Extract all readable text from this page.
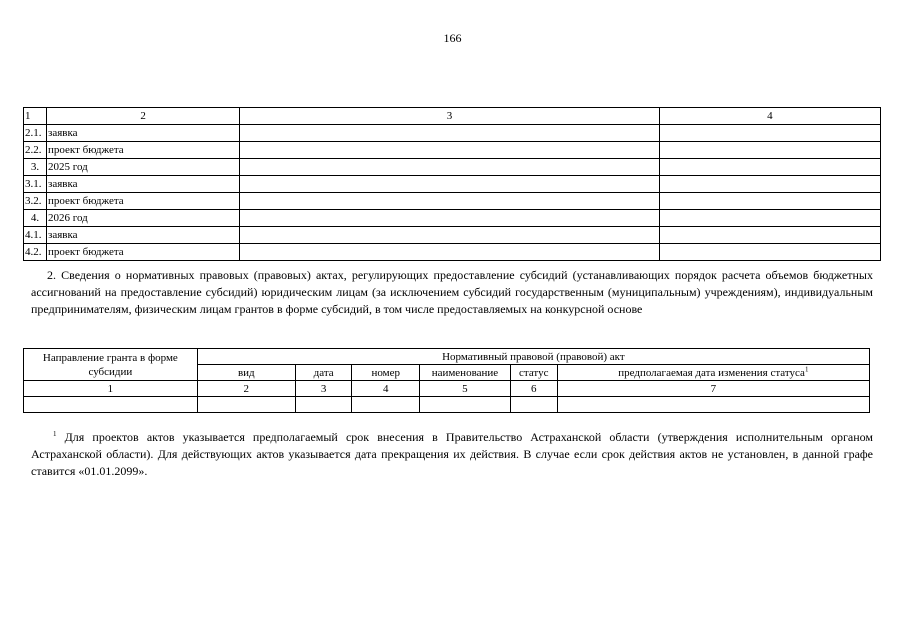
166
1	2	3	4
2.1.	заявка		
2.2.	проект бюджета		
3.	2025 год		
3.1.	заявка		
3.2.	проект бюджета		
4.	2026 год		
4.1.	заявка		
4.2.	проект бюджета		

2. Сведения о нормативных правовых (правовых) актах, регулирующих предоставление субсидий (устанавливающих порядок расчета объемов бюджетных ассигнований на предоставление субсидий) юридическим лицам (за исключением субсидий государственным (муниципальным) учреждениям), индивидуальным предпринимателям, физическим лицам грантов в форме субсидий, в том числе предоставляемых на конкурсной основе

Направление гранта в форме субсидии	Нормативный правовой (правовой) акт					
	вид	дата	номер	наименование	статус	предполагаемая дата изменения статуса$^1$
1	2	3	4	5	6	7

$^1$ Для проектов актов указывается предполагаемый срок внесения в Правительство Астраханской области (утверждения исполнительным органом Астраханской области). Для действующих актов указывается дата прекращения их действия. В случае если срок действия актов не установлен, в данной графе ставится «01.01.2099».
